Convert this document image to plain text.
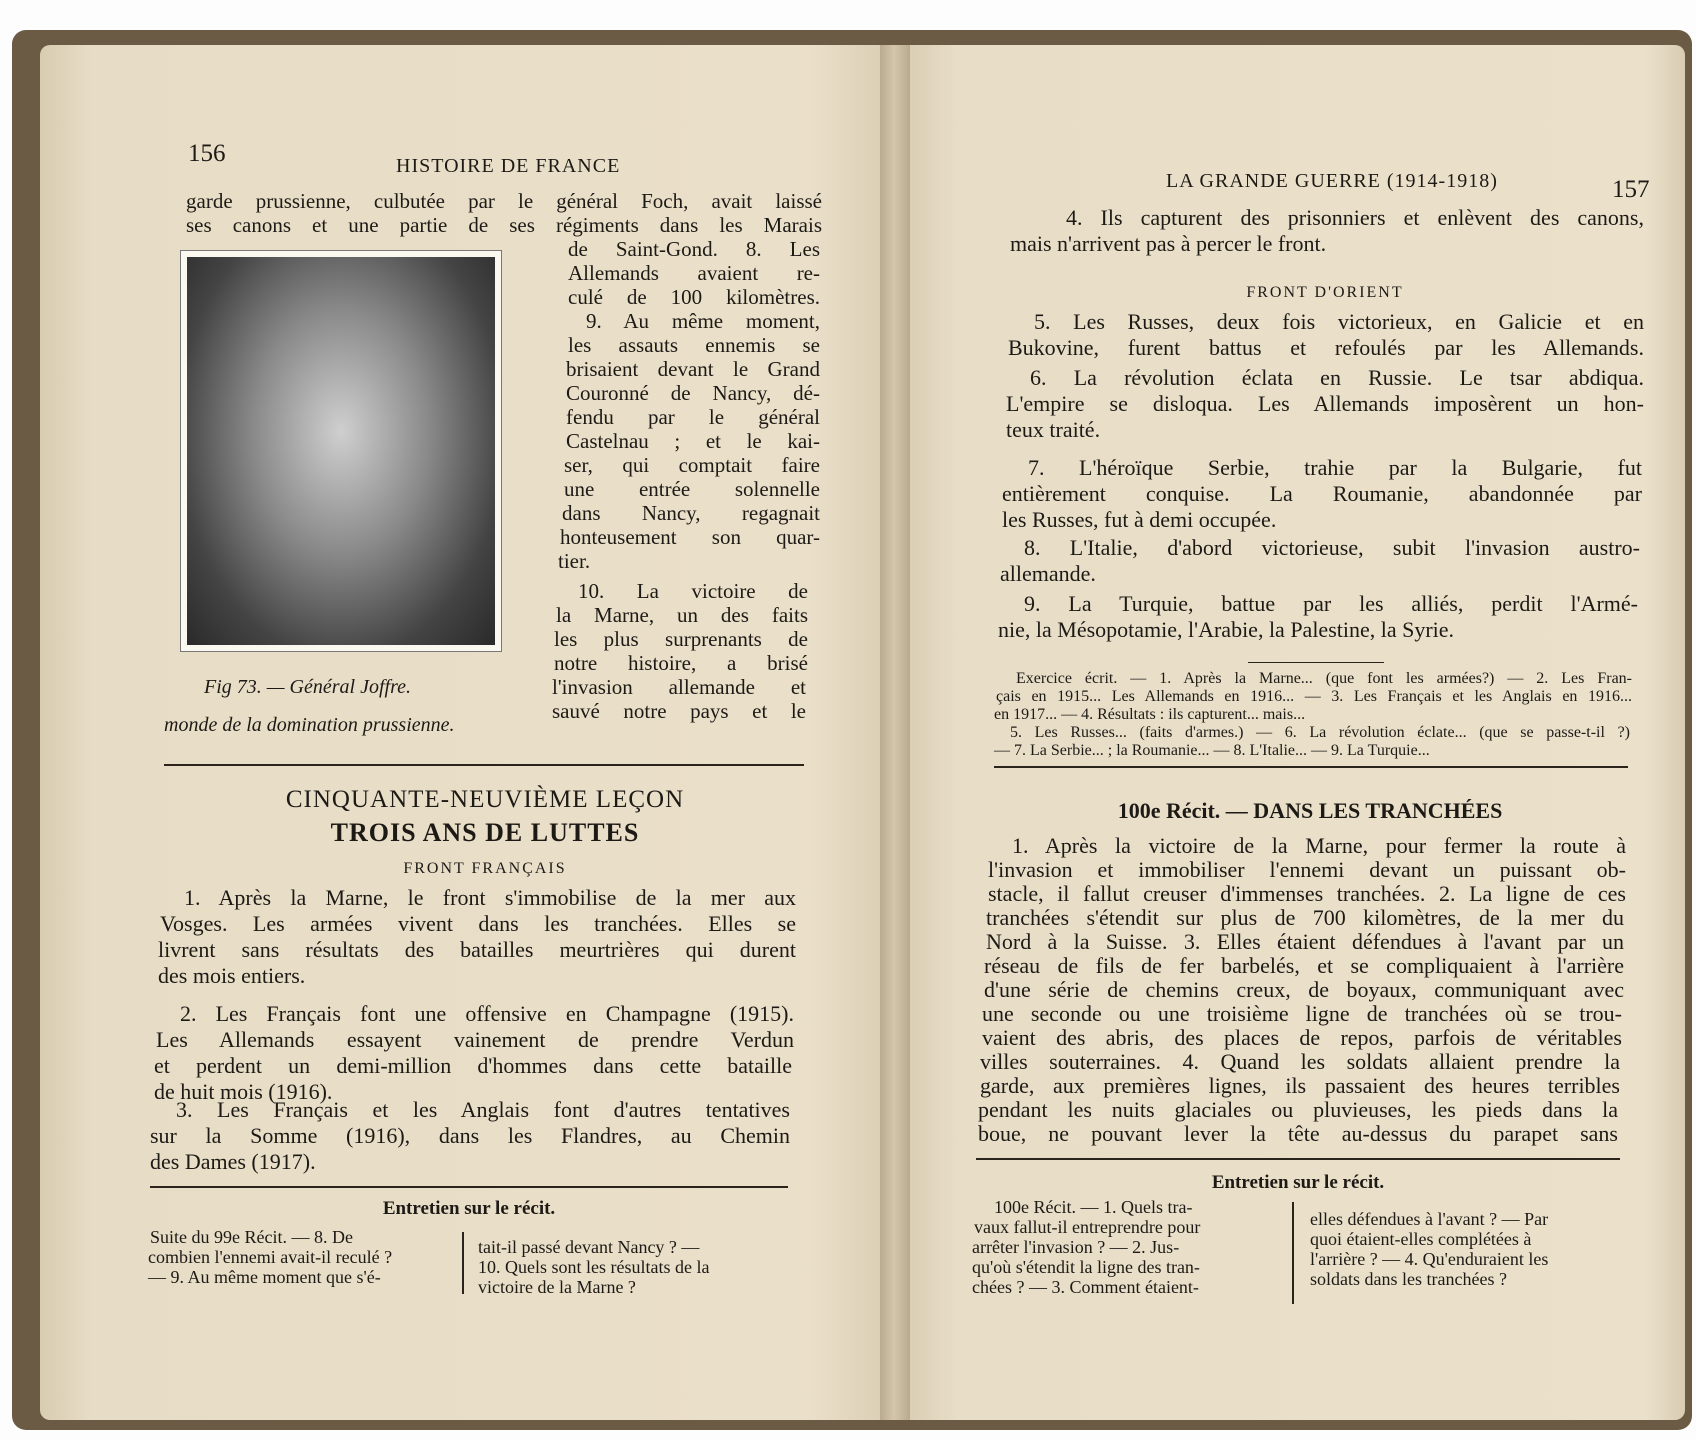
156	HISTOIRE DE FRANCE
garde prussienne, culbutée par le général Foch, avait laissé
ses canons et une partie de ses régiments dans les Marais
de Saint-Gond. 8. Les
Allemands avaient re-
culé de 100 kilomètres.
9. Au même moment,
les assauts ennemis se
brisaient devant le Grand
Couronné de Nancy, dé-
fendu par le général
Castelnau ; et le kai-
ser, qui comptait faire
une entrée solennelle
dans Nancy, regagnait
honteusement son quar-
tier.
10. La victoire de
la Marne, un des faits
les plus surprenants de
notre histoire, a brisé
l'invasion allemande et
sauvé notre pays et le
Fig 73. — Général Joffre.
monde de la domination prussienne.
CINQUANTE-NEUVIÈME LEÇON
TROIS ANS DE LUTTES
FRONT FRANÇAIS
1. Après la Marne, le front s'immobilise de la mer aux
Vosges. Les armées vivent dans les tranchées. Elles se
livrent sans résultats des batailles meurtrières qui durent
des mois entiers.
2. Les Français font une offensive en Champagne (1915).
Les Allemands essayent vainement de prendre Verdun
et perdent un demi-million d'hommes dans cette bataille
de huit mois (1916).
3. Les Français et les Anglais font d'autres tentatives
sur la Somme (1916), dans les Flandres, au Chemin
des Dames (1917).
Entretien sur le récit.
Suite du 99e Récit. — 8. De
combien l'ennemi avait-il reculé ?
— 9. Au même moment que s'é-
tait-il passé devant Nancy ? —
10. Quels sont les résultats de la
victoire de la Marne ?
LA GRANDE GUERRE (1914-1918)	157
4. Ils capturent des prisonniers et enlèvent des canons,
mais n'arrivent pas à percer le front.
FRONT D'ORIENT
5. Les Russes, deux fois victorieux, en Galicie et en
Bukovine, furent battus et refoulés par les Allemands.
6. La révolution éclata en Russie. Le tsar abdiqua.
L'empire se disloqua. Les Allemands imposèrent un hon-
teux traité.
7. L'héroïque Serbie, trahie par la Bulgarie, fut
entièrement conquise. La Roumanie, abandonnée par
les Russes, fut à demi occupée.
8. L'Italie, d'abord victorieuse, subit l'invasion austro-
allemande.
9. La Turquie, battue par les alliés, perdit l'Armé-
nie, la Mésopotamie, l'Arabie, la Palestine, la Syrie.
Exercice écrit. — 1. Après la Marne... (que font les armées?) — 2. Les Fran-
çais en 1915... Les Allemands en 1916... — 3. Les Français et les Anglais en 1916...
en 1917... — 4. Résultats : ils capturent... mais...
5. Les Russes... (faits d'armes.) — 6. La révolution éclate... (que se passe-t-il ?)
— 7. La Serbie... ; la Roumanie... — 8. L'Italie... — 9. La Turquie...
100e Récit. — DANS LES TRANCHÉES
1. Après la victoire de la Marne, pour fermer la route à
l'invasion et immobiliser l'ennemi devant un puissant ob-
stacle, il fallut creuser d'immenses tranchées. 2. La ligne de ces
tranchées s'étendit sur plus de 700 kilomètres, de la mer du
Nord à la Suisse. 3. Elles étaient défendues à l'avant par un
réseau de fils de fer barbelés, et se compliquaient à l'arrière
d'une série de chemins creux, de boyaux, communiquant avec
une seconde ou une troisième ligne de tranchées où se trou-
vaient des abris, des places de repos, parfois de véritables
villes souterraines. 4. Quand les soldats allaient prendre la
garde, aux premières lignes, ils passaient des heures terribles
pendant les nuits glaciales ou pluvieuses, les pieds dans la
boue, ne pouvant lever la tête au-dessus du parapet sans
Entretien sur le récit.
100e Récit. — 1. Quels tra-
vaux fallut-il entreprendre pour
arrêter l'invasion ? — 2. Jus-
qu'où s'étendit la ligne des tran-
chées ? — 3. Comment étaient-
elles défendues à l'avant ? — Par
quoi étaient-elles complétées à
l'arrière ? — 4. Qu'enduraient les
soldats dans les tranchées ?
